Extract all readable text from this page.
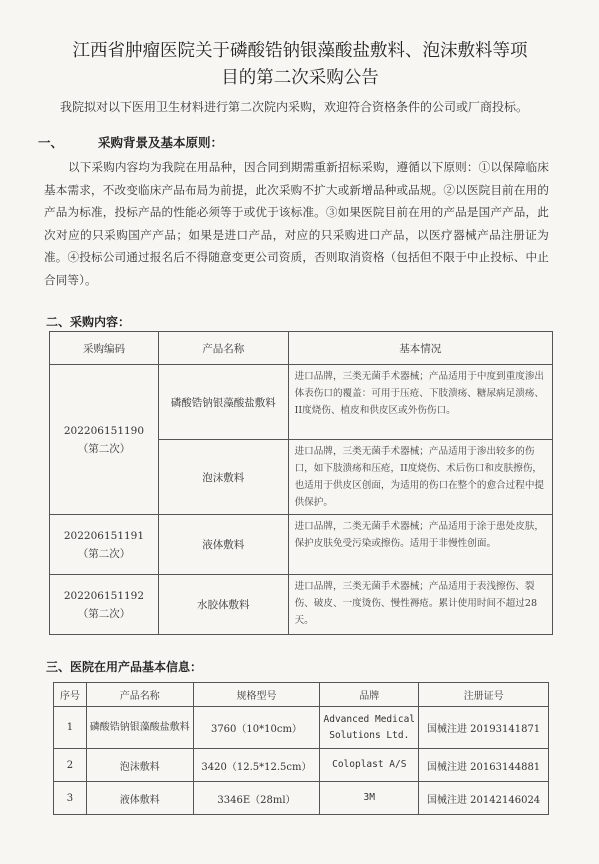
江西省肿瘤医院关于磷酸锆钠银藻酸盐敷料、泡沫敷料等项
目的第二次采购公告
我院拟对以下医用卫生材料进行第二次院内采购，欢迎符合资格条件的公司或厂商投标。
一、	采购背景及基本原则：
以下采购内容均为我院在用品种，因合同到期需重新招标采购，遵循以下原则：①以保障临床基本需求，不改变临床产品布局为前提，此次采购不扩大或新增品种或品规。②以医院目前在用的产品为标准，投标产品的性能必须等于或优于该标准。③如果医院目前在用的产品是国产产品，此次对应的只采购国产产品；如果是进口产品，对应的只采购进口产品，以医疗器械产品注册证为准。④投标公司通过报名后不得随意变更公司资质，否则取消资格（包括但不限于中止投标、中止合同等）。
二、采购内容：
采购编码	产品名称	基本情况

202206151190
（第二次）	磷酸锆钠银藻酸盐敷料	进口品牌，三类无菌手术器械；产品适用于中度到重度渗出体表伤口的覆盖：可用于压疮、下肢溃疡、糖尿病足溃疡、II度烧伤、植皮和供皮区或外伤伤口。
	泡沫敷料	进口品牌，三类无菌手术器械；产品适用于渗出较多的伤口，如下肢溃疡和压疮，II度烧伤、术后伤口和皮肤擦伤，也适用于供皮区创面，为适用的伤口在整个的愈合过程中提供保护。

202206151191
（第二次）	液体敷料	进口品牌，二类无菌手术器械；产品适用于涂于患处皮肤，保护皮肤免受污染或擦伤。适用于非慢性创面。

202206151192
（第二次）	水胶体敷料	进口品牌，三类无菌手术器械；产品适用于表浅擦伤、裂伤、破皮、一度烫伤、慢性褥疮。累计使用时间不超过28天。
三、医院在用产品基本信息：
序号	产品名称	规格型号	品牌	注册证号
1	磷酸锆钠银藻酸盐敷料	3760（10*10cm）	Advanced Medical Solutions Ltd.	国械注进 20193141871
2	泡沫敷料	3420（12.5*12.5cm）	Coloplast A/S	国械注进 20163144881
3	液体敷料	3346E（28ml）	3M	国械注进 20142146024
